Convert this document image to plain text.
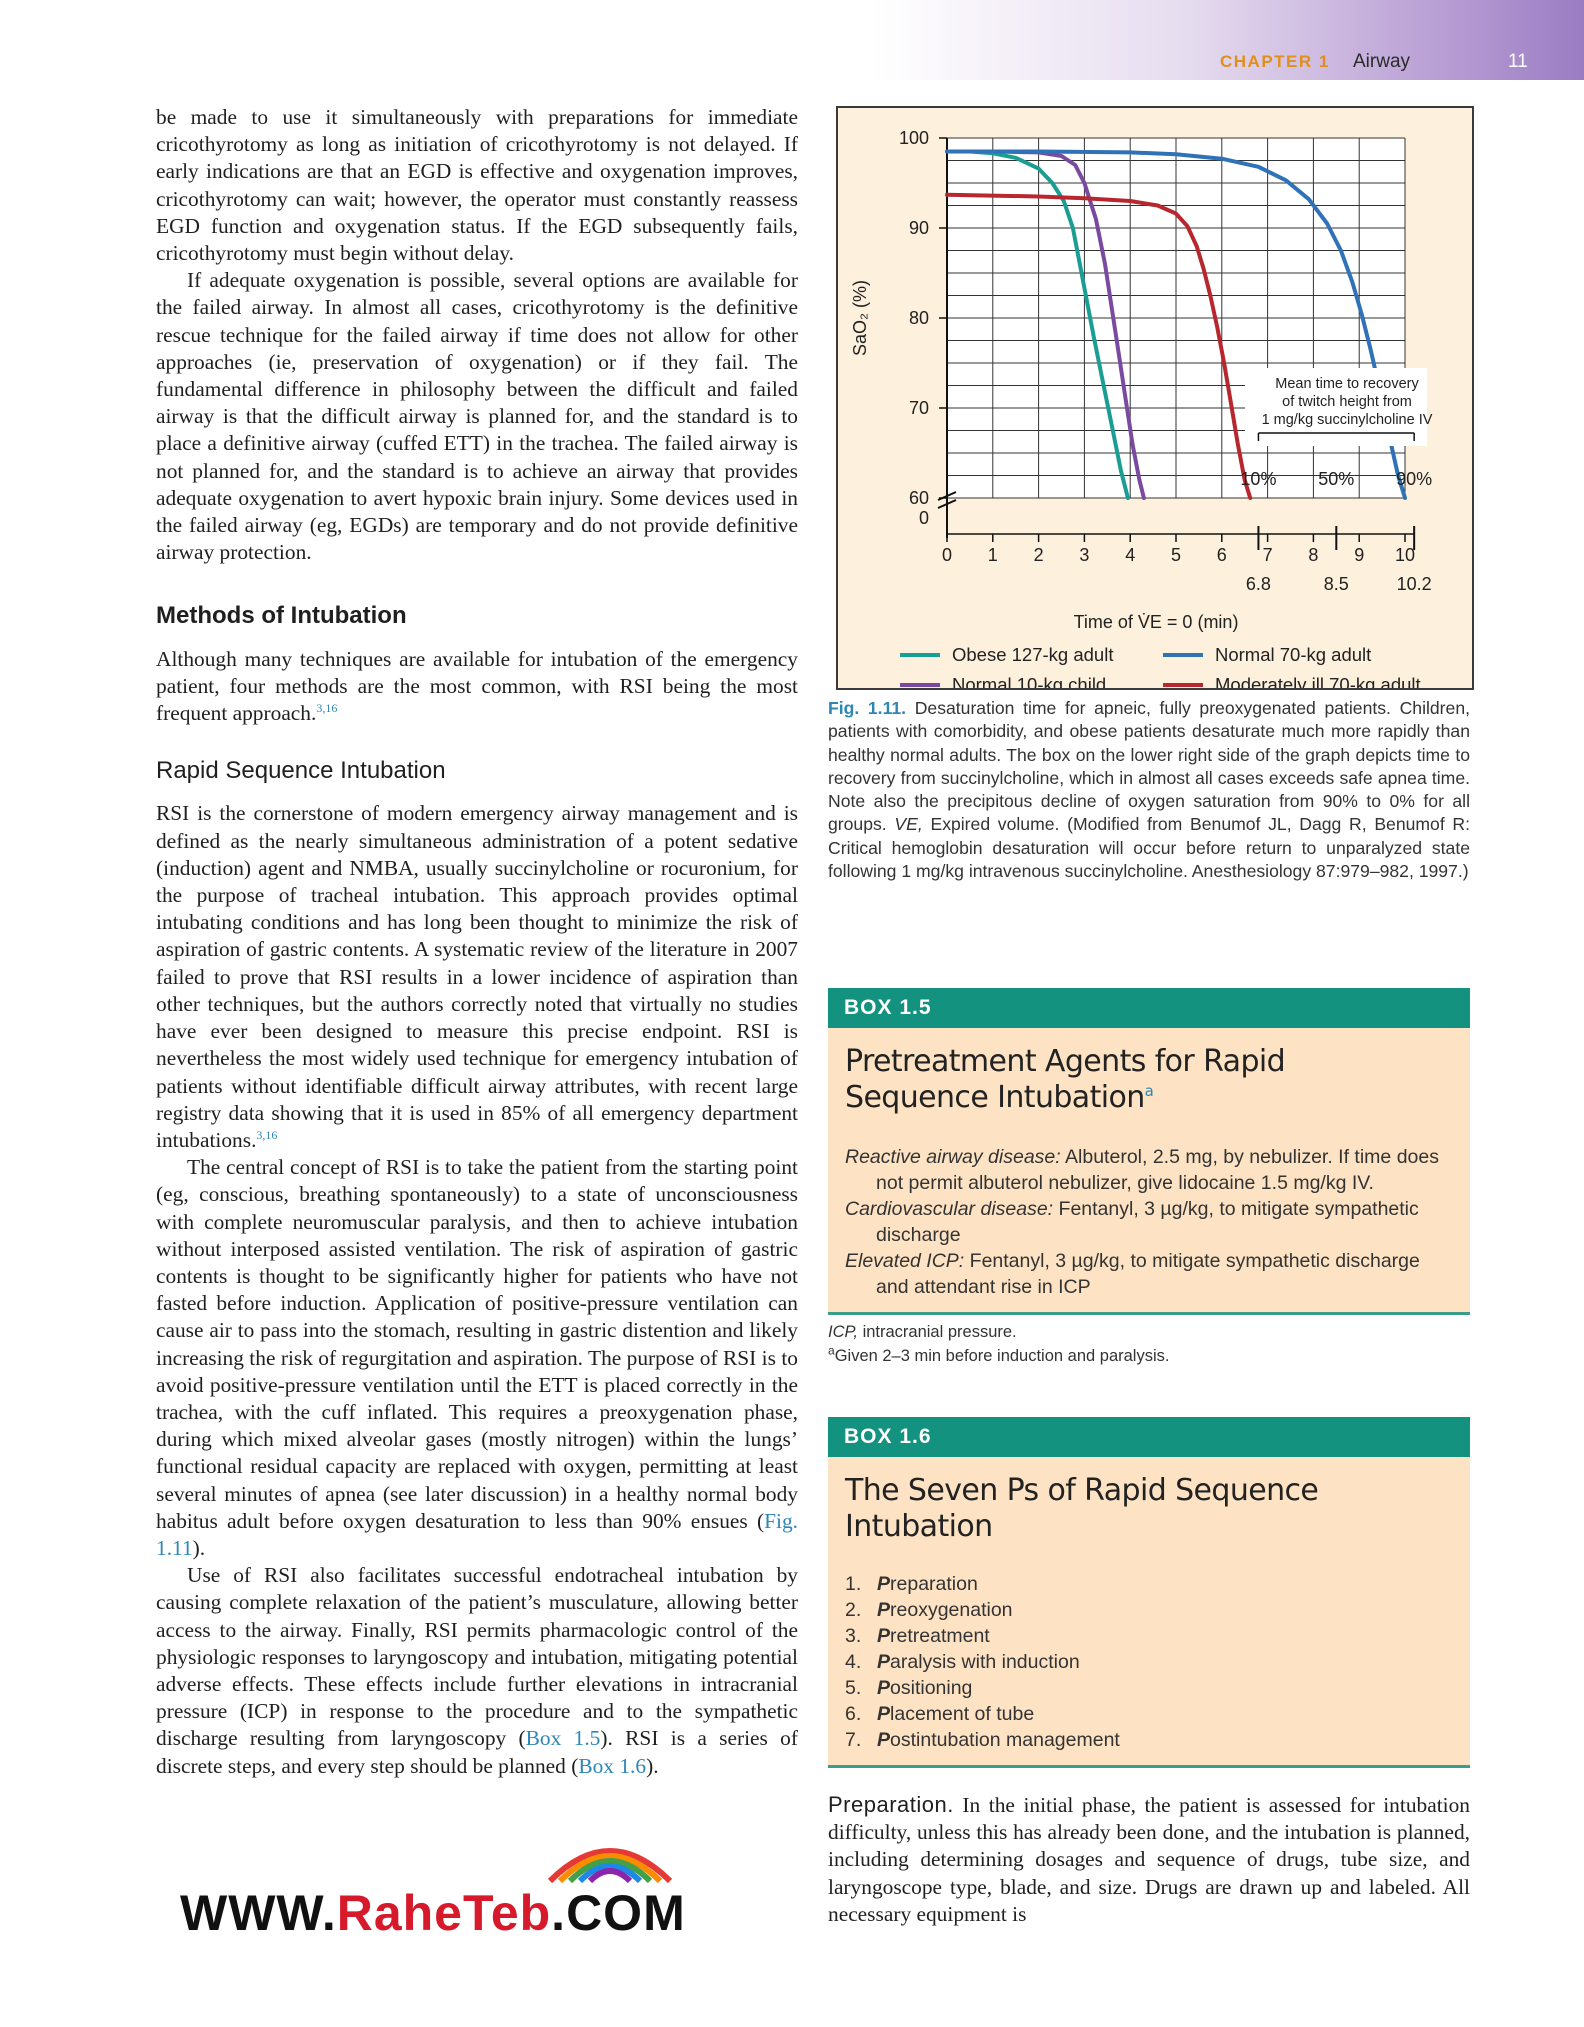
CHAPTER 1 Airway	11

be made to use it simultaneously with preparations for immediate cricothyrotomy as long as initiation of cricothyrotomy is not delayed. If early indications are that an EGD is effective and oxygenation improves, cricothyrotomy can wait; however, the operator must constantly reassess EGD function and oxygenation status. If the EGD subsequently fails, cricothyrotomy must begin without delay.

If adequate oxygenation is possible, several options are available for the failed airway. In almost all cases, cricothyrotomy is the definitive rescue technique for the failed airway if time does not allow for other approaches (ie, preservation of oxygenation) or if they fail. The fundamental difference in philosophy between the difficult and failed airway is that the difficult airway is planned for, and the standard is to place a definitive airway (cuffed ETT) in the trachea. The failed airway is not planned for, and the standard is to achieve an airway that provides adequate oxygenation to avert hypoxic brain injury. Some devices used in the failed airway (eg, EGDs) are temporary and do not provide definitive airway protection.

Methods of Intubation

Although many techniques are available for intubation of the emergency patient, four methods are the most common, with RSI being the most frequent approach.$^{3,16}$

Rapid Sequence Intubation

RSI is the cornerstone of modern emergency airway management and is defined as the nearly simultaneous administration of a potent sedative (induction) agent and NMBA, usually succinylcholine or rocuronium, for the purpose of tracheal intubation. This approach provides optimal intubating conditions and has long been thought to minimize the risk of aspiration of gastric contents. A systematic review of the literature in 2007 failed to prove that RSI results in a lower incidence of aspiration than other techniques, but the authors correctly noted that virtually no studies have ever been designed to measure this precise endpoint. RSI is nevertheless the most widely used technique for emergency intubation of patients without identifiable difficult airway attributes, with recent large registry data showing that it is used in 85% of all emergency department intubations.$^{3,16}$

The central concept of RSI is to take the patient from the starting point (eg, conscious, breathing spontaneously) to a state of unconsciousness with complete neuromuscular paralysis, and then to achieve intubation without interposed assisted ventilation. The risk of aspiration of gastric contents is thought to be significantly higher for patients who have not fasted before induction. Application of positive-pressure ventilation can cause air to pass into the stomach, resulting in gastric distention and likely increasing the risk of regurgitation and aspiration. The purpose of RSI is to avoid positive-pressure ventilation until the ETT is placed correctly in the trachea, with the cuff inflated. This requires a preoxygenation phase, during which mixed alveolar gases (mostly nitrogen) within the lungs’ functional residual capacity are replaced with oxygen, permitting at least several minutes of apnea (see later discussion) in a healthy normal body habitus adult before oxygen desaturation to less than 90% ensues (Fig. 1.11).

Use of RSI also facilitates successful endotracheal intubation by causing complete relaxation of the patient’s musculature, allowing better access to the airway. Finally, RSI permits pharmacologic control of the physiologic responses to laryngoscopy and intubation, mitigating potential adverse effects. These effects include further elevations in intracranial pressure (ICP) in response to the procedure and to the sympathetic discharge resulting from laryngoscopy (Box 1.5). RSI is a series of discrete steps, and every step should be planned (Box 1.6).

60
70
80
90
100
0
SaO₂ (%)
0 1 2 3 4 5 6 7 8 9 10
Mean time to recovery
of twitch height from
1 mg/kg succinylcholine IV
10% 50% 90%
6.8	8.5	10.2
Time of V̇E = 0 (min)
Obese 127-kg adult	Normal 70-kg adult
Normal 10-kg child	Moderately ill 70-kg adult
Fig. 1.11. Desaturation time for apneic, fully preoxygenated patients. Children, patients with comorbidity, and obese patients desaturate much more rapidly than healthy normal adults. The box on the lower right side of the graph depicts time to recovery from succinylcholine, which in almost all cases exceeds safe apnea time. Note also the precipitous decline of oxygen saturation from 90% to 0% for all groups. VE, Expired volume. (Modified from Benumof JL, Dagg R, Benumof R: Critical hemoglobin desaturation will occur before return to unparalyzed state following 1 mg/kg intravenous succinylcholine. Anesthesiology 87:979–982, 1997.)
BOX 1.5
Pretreatment Agents for Rapid
Sequence Intubation$^a$
Reactive airway disease: Albuterol, 2.5 mg, by nebulizer. If time does not permit albuterol nebulizer, give lidocaine 1.5 mg/kg IV.
Cardiovascular disease: Fentanyl, 3 µg/kg, to mitigate sympathetic discharge
Elevated ICP: Fentanyl, 3 µg/kg, to mitigate sympathetic discharge and attendant rise in ICP
ICP, intracranial pressure.
$^a$Given 2–3 min before induction and paralysis.
BOX 1.6
The Seven Ps of Rapid Sequence Intubation
1. Preparation
2. Preoxygenation
3. Pretreatment
4. Paralysis with induction
5. Positioning
6. Placement of tube
7. Postintubation management
Preparation. In the initial phase, the patient is assessed for intubation difficulty, unless this has already been done, and the intubation is planned, including determining dosages and sequence of drugs, tube size, and laryngoscope type, blade, and size. Drugs are drawn up and labeled. All necessary equipment is
WWW.RaheTeb.COM
